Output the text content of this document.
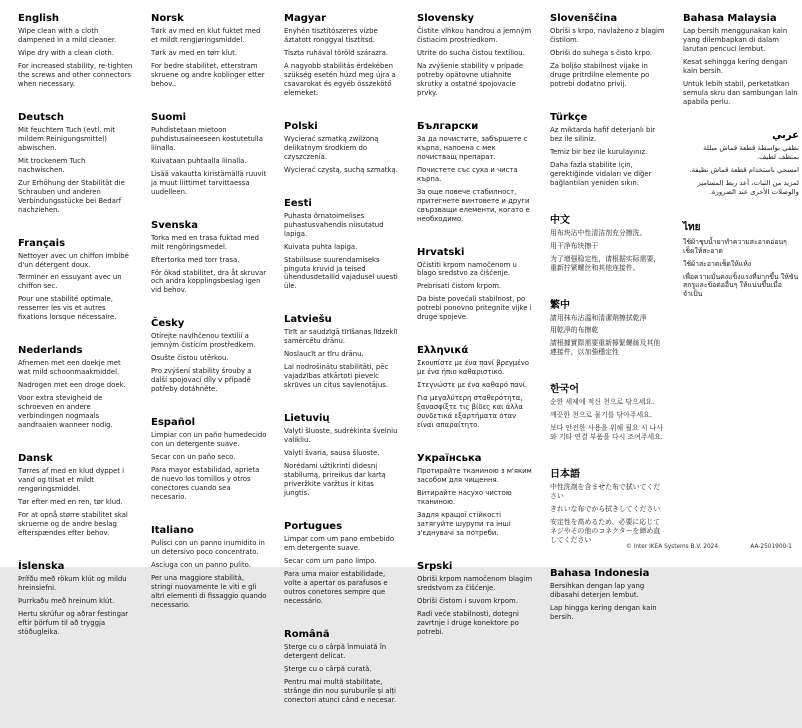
English

Wipe clean with a cloth dampened in a mild cleaner.

Wipe dry with a clean cloth.

For increased stability, re-tighten the screws and other connectors when necessary.

Deutsch

Mit feuchtem Tuch (evtl. mit mildem Reinigungsmittel) abwischen.

Mit trockenem Tuch nachwischen.

Zur Erhöhung der Stabilität die Schrauben und anderen Verbindungsstücke bei Bedarf nachziehen.

Français

Nettoyer avec un chiffon imbibé d'un détergent doux.

Terminer en essuyant avec un chiffon sec.

Pour une stabilité optimale, resserrer les vis et autres fixations lorsque nécessaire.

Nederlands

Afnemen met een doekje met wat mild schoonmaakmiddel.

Nadrogen met een droge doek.

Voor extra stevigheid de schroeven en andere verbindingen nogmaals aandraaien wanneer nodig.

Dansk

Tørres af med en klud dyppet i vand og tilsat et mildt rengøringsmiddel.

Tør efter med en ren, tør klud.

For at opnå større stabilitet skal skruerne og de andre beslag efterspændes efter behov.

Íslenska

Þrífðu með rökum klút og mildu hreinsiefni.

Þurrkaðu með hreinum klút.

Hertu skrúfur og aðrar festingar eftir þörfum til að tryggja stöðugleika.

Norsk

Tørk av med en klut fuktet med et mildt rengjøringsmiddel.

Tørk av med en tørr klut.

For bedre stabilitet, etterstram skruene og andre koblinger etter behov..

Suomi

Puhdistetaan mietoon puhdistusaineeseen kostutetulla liinalla.

Kuivataan puhtaalla liinalla.

Lisää vakautta kiristämällä ruuvit ja muut liittimet tarvittaessa uudelleen.

Svenska

Torka med en trasa fuktad med milt rengöringsmedel.

Eftertorka med torr trasa.

För ökad stabilitet, dra åt skruvar och andra kopplingsbeslag igen vid behov.

Česky

Otírejte navlhčenou textilií a jemným čisticím prostředkem.

Osušte čistou utěrkou.

Pro zvýšení stability šrouby a další spojovací díly v případě potřeby dotáhněte.

Español

Limpiar con un paño humedecido con un detergente suave.

Secar con un paño seco.

Para mayor estabilidad, aprieta de nuevo los tornillos y otros conectores cuando sea necesario.

Italiano

Pulisci con un panno inumidito in un detersivo poco concentrato.

Asciuga con un panno pulito.

Per una maggiore stabilità, stringi nuovamente le viti e gli altri elementi di fissaggio quando necessario.

Magyar

Enyhén tisztítószeres vízbe áztatott ronggyal tisztítsd.

Tiszta ruhával töröld szárazra.

A nagyobb stabilitás érdekében szükség esetén húzd meg újra a csavarokat és egyéb összekötő elemeket.

Polski

Wycierać szmatką zwilżoną delikatnym środkiem do czyszczenia.

Wycierać czystą, suchą szmatką.

Eesti

Puhasta õrnatoimelises puhastusvahendis niisutatud lapiga.

Kuivata puhta lapiga.

Stabiilsuse suurendamiseks pinguta kruvid ja teised ühendusdetailid vajadusel uuesti üle.

Latviešu

Tīrīt ar saudzīgā tīrīšanas līdzeklī samērcētu drānu.

Noslaucīt ar tīru drānu.

Lai nodrošinātu stabilitāti, pēc vajadzības atkārtoti pievelc skrūves un citus savienotājus.

Lietuvių

Valyti šluoste, sudrėkinta švelniu valikliu.

Valyti švaria, sausa šluoste.

Norėdami užtikrinti didesnį stabilumą, prireikus dar kartą priveržkite varžtus ir kitas jungtis.

Portugues

Limpar com um pano embebido em detergente suave.

Secar com um pano limpo.

Para uma maior estabilidade, volte a apertar os parafusos e outros conetores sempre que necessário.

Română

Șterge cu o cârpă înmuiată în detergent delicat.

Șterge cu o cârpă curată.

Pentru mai multă stabilitate, strânge din nou șuruburile și alți conectori atunci când e necesar.

Slovensky

Čistite vlhkou handrou a jemným čistiacim prostriedkom.

Utrite do sucha čistou textíliou.

Na zvýšenie stability v prípade potreby opätovne utiahnite skrutky a ostatné spojovacie prvky.

Български

За да почистите, забършете с кърпа, напоена с мек почистващ препарат.

Почистете със суха и чиста кърпа.

За още повече стабилност, притегнете винтовете и други свързващи елементи, когато е необходимо.

Hrvatski

Očistiti krpom namočenom u blago sredstvo za čišćenje.

Prebrisati čistom krpom.

Da biste povećali stabilnost, po potrebi ponovno pritegnite vijke i druge spojeve.

Ελληνικά

Σκουπίστε με ένα πανί βρεγμένο με ένα ήπιο καθαριστικό.

Στεγνώστε με ένα καθαρό πανί.

Για μεγαλύτερη σταθερότητα, ξανασφίξτε τις βίδες και άλλα συνδετικά εξαρτήματα όταν είναι απαραίτητο.

Українська

Протирайте тканиною з м'яким засобом для чищення.

Витирайте насухо чистою тканиною.

Задля кращої стійкості затягуйте шурупи та інші з'єднувачі за потреби.

Srpski

Obriši krpom namočenom blagim sredstvom za čišćenje.

Obriši čistom i suvom krpom.

Radi veće stabilnosti, dotegni zavrtnje i druge konektore po potrebi.

Slovenščina

Obriši s krpo, navlaženo z blagim čistilom.

Obriši do suhega s čisto krpo.

Za boljšo stabilnost vijake in druge pritrdilne elemente po potrebi dodatno privij.

Türkçe

Az miktarda hafif deterjanlı bir bez ile siliniz.

Temiz bir bez ile kurulayınız.

Daha fazla stabilite için, gerektiğinde vidaları ve diğer bağlantıları yeniden sıkın.

中文

用布块沾中性清洁剂充分擦洗。

用干净布块擦干

为了增强稳定性，请根据实际需要，重新拧紧螺丝和其他连接件。

繁中

請用抹布沾溫和清潔劑擦拭乾淨

用乾淨的布擦乾

請根據實際需要重新擰緊螺絲及其他連接件，以加強穩定性

한국어

순한 세제에 적신 천으로 닦으세요.

깨끗한 천으로 물기를 닦아주세요.

보다 안전한 사용을 위해 필요 시 나사와 기타 연결 부품을 다시 조여주세요.

日本語

中性洗剤を含ませた布で拭いてください

きれいな布でから拭きしてください

安定性を高めるため、必要に応じてネジやその他のコネクターを締め直してください

Bahasa Indonesia

Bersihkan dengan lap yang dibasahi deterjen lembut.

Lap hingga kering dengan kain bersih.

Bahasa Malaysia

Lap bersih menggunakan kain yang dilembapkan di dalam larutan pencuci lembut.

Kesat sehingga kering dengan kain bersih.

Untuk lebih stabil, perketatkan semula skru dan sambungan lain apabila perlu.

عربي

نظفي بواسطة قطعة قماش مبللة بمنظف لطيف.

امسحي باستخدام قطعة قماش نظيفة.

لمزيد من الثبات، أعد ربط المسامير والوصلات الأخرى عند الضرورة.

ไทย

ใช้ผ้าชุบน้ำยาทำความสะอาดอ่อนๆ เช็ดให้สะอาด

ใช้ผ้าสะอาดเช็ดให้แห้ง

เพื่อความมั่นคงแข็งแรงที่มากขึ้น ให้ขันสกรูและข้อต่ออื่นๆ ให้แน่นขึ้นเมื่อจำเป็น

© Inter IKEA Systems B.V. 2024	AA-2501900-1
